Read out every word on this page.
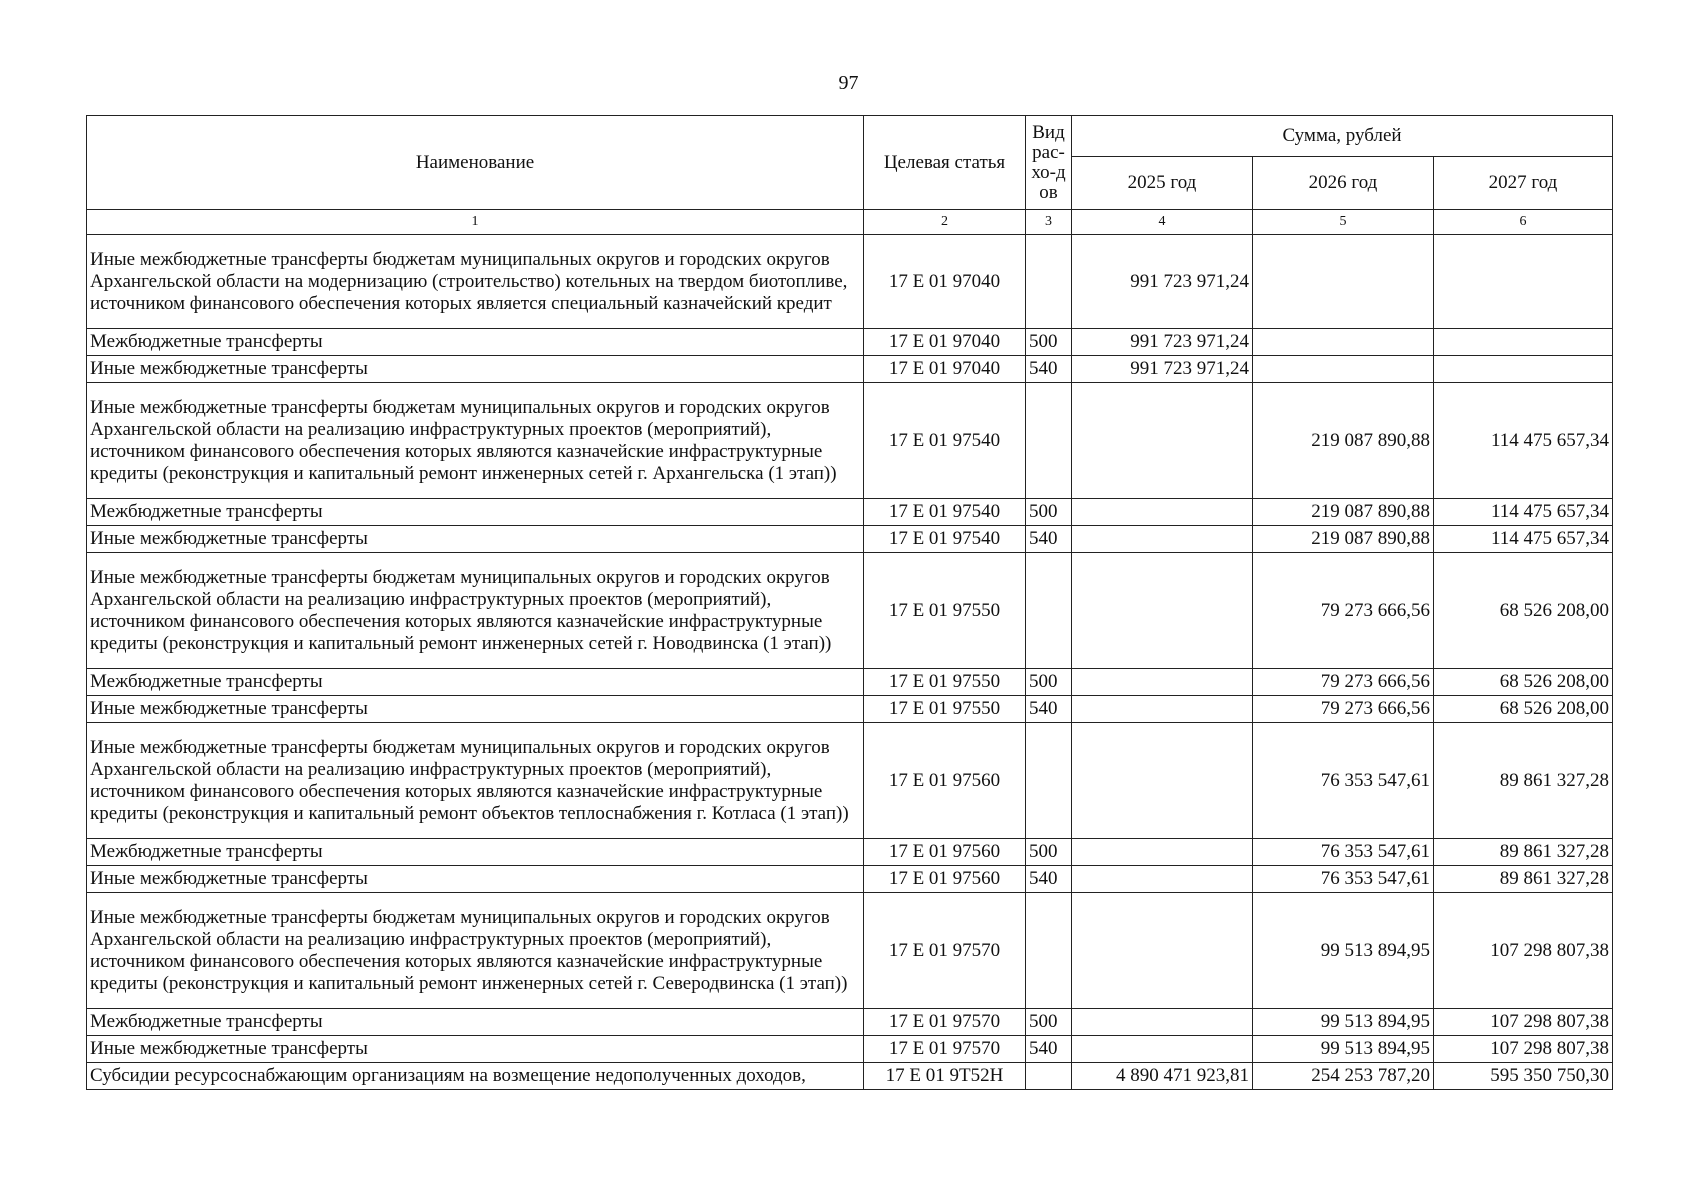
97
Наименование	Целевая статья	Вид рас-хо-дов	Сумма, рублей		
			2025 год	2026 год	2027 год
1	2	3	4	5	6
Иные межбюджетные трансферты бюджетам муниципальных округов и городских округов Архангельской области на модернизацию (строительство) котельных на твердом биотопливе, источником финансового обеспечения которых является специальный казначейский кредит	17 Е 01 97040		991 723 971,24		
Межбюджетные трансферты	17 Е 01 97040	500	991 723 971,24		
Иные межбюджетные трансферты	17 Е 01 97040	540	991 723 971,24		
Иные межбюджетные трансферты бюджетам муниципальных округов и городских округов Архангельской области на реализацию инфраструктурных проектов (мероприятий), источником финансового обеспечения которых являются казначейские инфраструктурные кредиты (реконструкция и капитальный ремонт инженерных сетей г. Архангельска (1 этап))	17 Е 01 97540			219 087 890,88	114 475 657,34
Межбюджетные трансферты	17 Е 01 97540	500		219 087 890,88	114 475 657,34
Иные межбюджетные трансферты	17 Е 01 97540	540		219 087 890,88	114 475 657,34
Иные межбюджетные трансферты бюджетам муниципальных округов и городских округов Архангельской области на реализацию инфраструктурных проектов (мероприятий), источником финансового обеспечения которых являются казначейские инфраструктурные кредиты (реконструкция и капитальный ремонт инженерных сетей г. Новодвинска (1 этап))	17 Е 01 97550			79 273 666,56	68 526 208,00
Межбюджетные трансферты	17 Е 01 97550	500		79 273 666,56	68 526 208,00
Иные межбюджетные трансферты	17 Е 01 97550	540		79 273 666,56	68 526 208,00
Иные межбюджетные трансферты бюджетам муниципальных округов и городских округов Архангельской области на реализацию инфраструктурных проектов (мероприятий), источником финансового обеспечения которых являются казначейские инфраструктурные кредиты (реконструкция и капитальный ремонт объектов теплоснабжения г. Котласа (1 этап))	17 Е 01 97560			76 353 547,61	89 861 327,28
Межбюджетные трансферты	17 Е 01 97560	500		76 353 547,61	89 861 327,28
Иные межбюджетные трансферты	17 Е 01 97560	540		76 353 547,61	89 861 327,28
Иные межбюджетные трансферты бюджетам муниципальных округов и городских округов Архангельской области на реализацию инфраструктурных проектов (мероприятий), источником финансового обеспечения которых являются казначейские инфраструктурные кредиты (реконструкция и капитальный ремонт инженерных сетей г. Северодвинска (1 этап))	17 Е 01 97570			99 513 894,95	107 298 807,38
Межбюджетные трансферты	17 Е 01 97570	500		99 513 894,95	107 298 807,38
Иные межбюджетные трансферты	17 Е 01 97570	540		99 513 894,95	107 298 807,38
Субсидии ресурсоснабжающим организациям на возмещение недополученных доходов,	17 Е 01 9Т52Н		4 890 471 923,81	254 253 787,20	595 350 750,30
